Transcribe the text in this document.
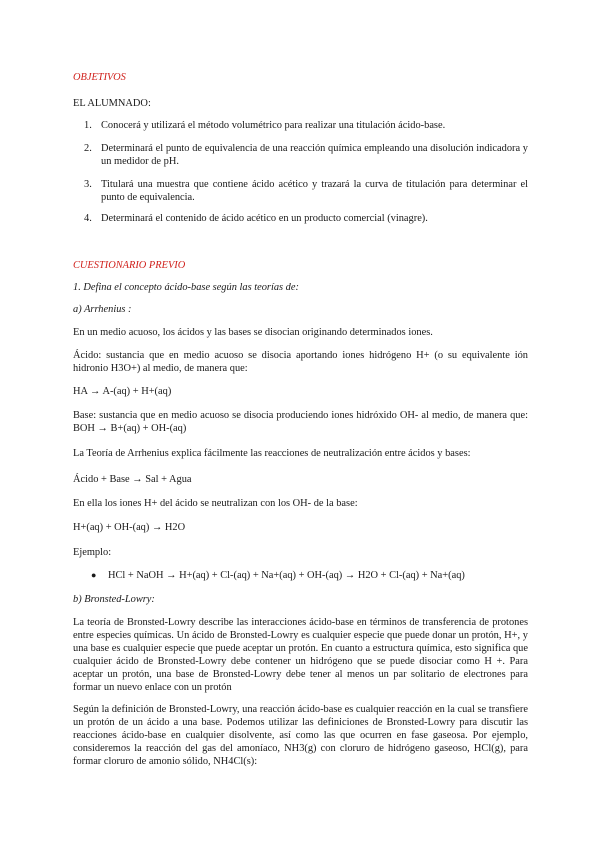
OBJETIVOS
EL ALUMNADO:
1. Conocerá y utilizará el método volumétrico para realizar una titulación ácido-base.
2. Determinará el punto de equivalencia de una reacción química empleando una disolución indicadora y un medidor de pH.
3. Titulará una muestra que contiene ácido acético y trazará la curva de titulación para determinar el punto de equivalencia.
4. Determinará el contenido de ácido acético en un producto comercial (vinagre).
CUESTIONARIO PREVIO
1. Defina el concepto ácido-base según las teorías de:
a) Arrhenius :
En un medio acuoso, los ácidos y las bases se disocian originando determinados iones.
Ácido: sustancia que en medio acuoso se disocia aportando iones hidrógeno H+ (o su equivalente ión hidronio H3O+) al medio, de manera que:
HA → A-(aq) + H+(aq)
Base: sustancia que en medio acuoso se disocia produciendo iones hidróxido OH- al medio, de manera que: BOH → B+(aq) + OH-(aq)
La Teoría de Arrhenius explica fácilmente las reacciones de neutralización entre ácidos y bases:
Ácido + Base → Sal + Agua
En ella los iones H+ del ácido se neutralizan con los OH- de la base:
H+(aq) + OH-(aq) → H2O
Ejemplo:
● HCl + NaOH → H+(aq) + Cl-(aq) + Na+(aq) + OH-(aq) → H2O + Cl-(aq) + Na+(aq)
b) Bronsted-Lowry:
La teoría de Bronsted-Lowry describe las interacciones ácido-base en términos de transferencia de protones entre especies químicas. Un ácido de Bronsted-Lowry es cualquier especie que puede donar un protón, H+, y una base es cualquier especie que puede aceptar un protón. En cuanto a estructura química, esto significa que cualquier ácido de Bronsted-Lowry debe contener un hidrógeno que se puede disociar como H +. Para aceptar un protón, una base de Bronsted-Lowry debe tener al menos un par solitario de electrones para formar un nuevo enlace con un protón
Según la definición de Bronsted-Lowry, una reacción ácido-base es cualquier reacción en la cual se transfiere un protón de un ácido a una base. Podemos utilizar las definiciones de Bronsted-Lowry para discutir las reacciones ácido-base en cualquier disolvente, así como las que ocurren en fase gaseosa. Por ejemplo, consideremos la reacción del gas del amoníaco, NH3(g) con cloruro de hidrógeno gaseoso, HCl(g), para formar cloruro de amonio sólido, NH4Cl(s):
